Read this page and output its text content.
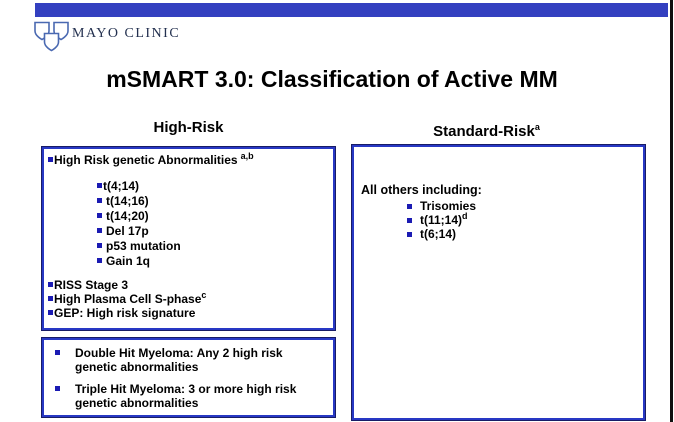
MAYO CLINIC
mSMART 3.0: Classification of Active MM
High-Risk	Standard-Risk$^a$
High Risk genetic Abnormalities $^{a,b}$
t(4;14)
t(14;16)
t(14;20)
Del 17p
p53 mutation
Gain 1q
RISS Stage 3
High Plasma Cell S-phase$^c$
GEP: High risk signature
Double Hit Myeloma: Any 2 high risk genetic abnormalities
Triple Hit Myeloma: 3 or more high risk genetic abnormalities
All others including:
Trisomies
t(11;14)$^d$
t(6;14)
